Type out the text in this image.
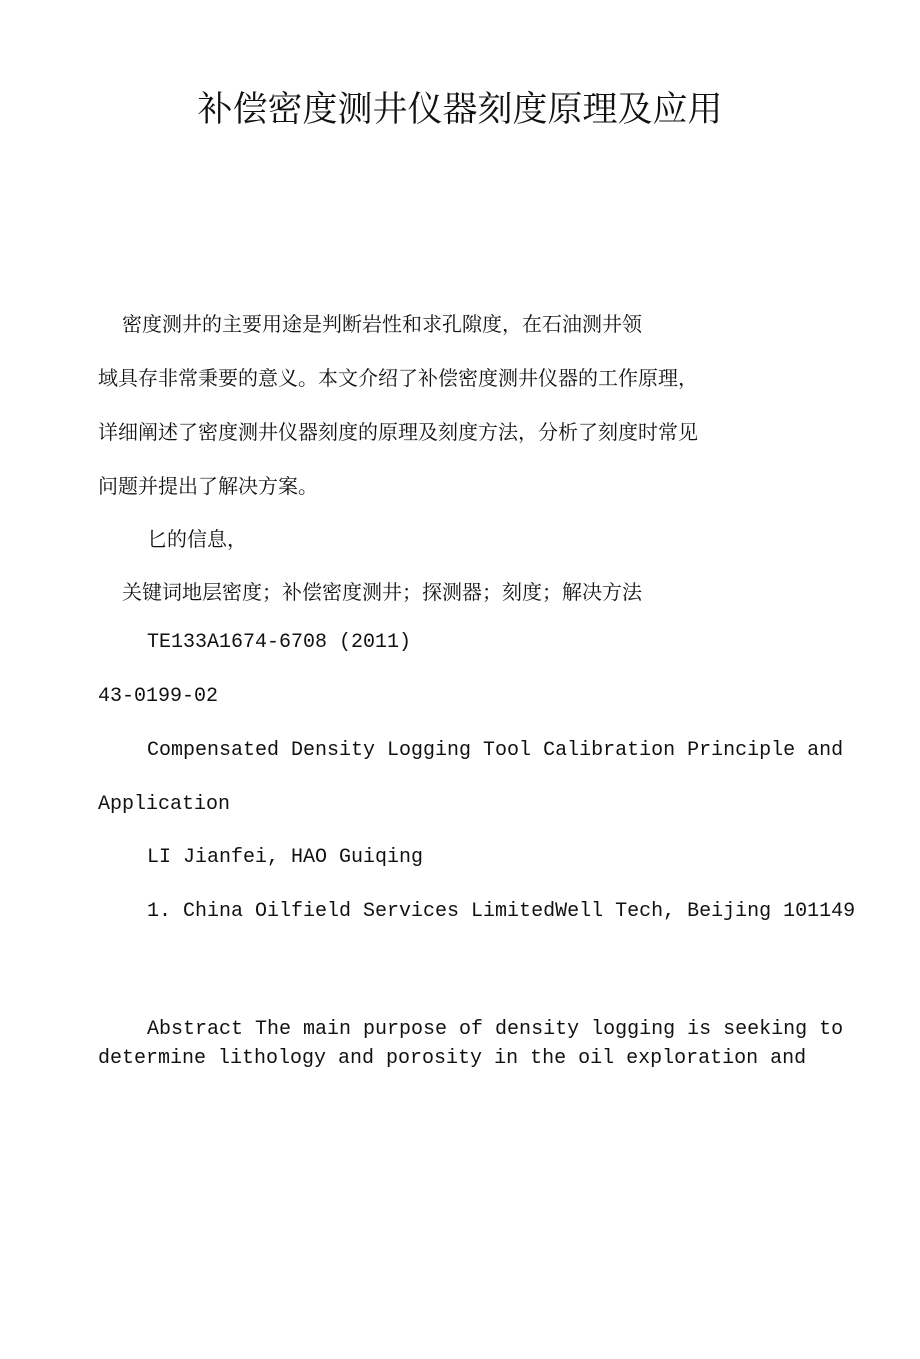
补偿密度测井仪器刻度原理及应用
密度测井的主要用途是判断岩性和求孔隙度，在石油测井领
域具存非常秉要的意义。本文介绍了补偿密度测井仪器的工作原理，
详细阐述了密度测井仪器刻度的原理及刻度方法，分析了刻度时常见
问题并提出了解决方案。
匕的信息，
关键词地层密度；补偿密度测井；探测器；刻度；解决方法
TE133A1674-6708 (2011)
43-0199-02
Compensated Density Logging Tool Calibration Principle and
Application
LI Jianfei, HAO Guiqing
1. China Oilfield Services LimitedWell Tech, Beijing 101149
Abstract The main purpose of density logging is seeking to
determine lithology and porosity in the oil exploration and
